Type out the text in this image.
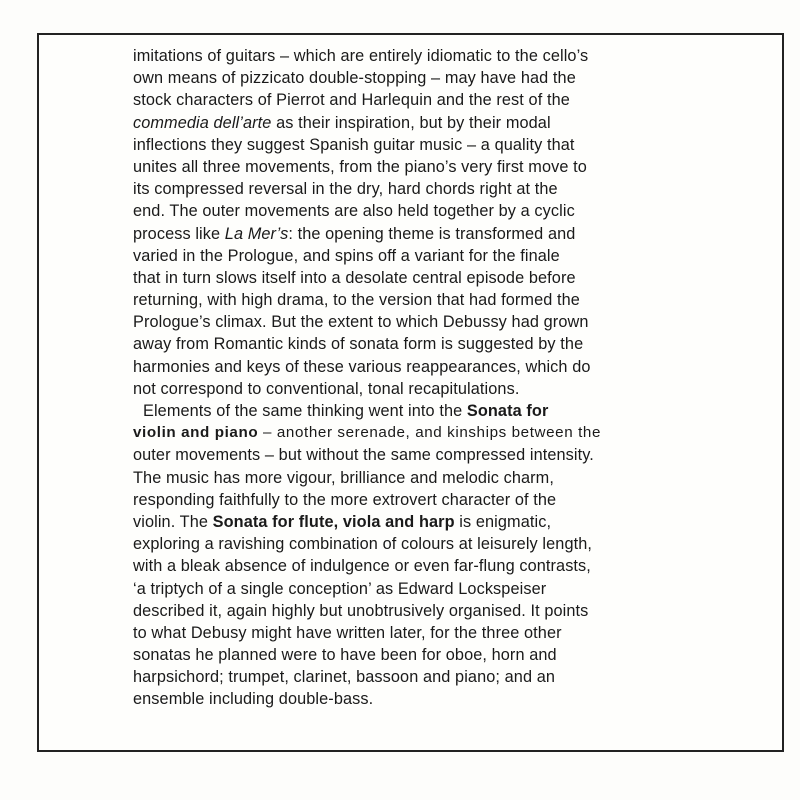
imitations of guitars – which are entirely idiomatic to the cello’s
own means of pizzicato double-stopping – may have had the
stock characters of Pierrot and Harlequin and the rest of the
commedia dell’arte as their inspiration, but by their modal
inflections they suggest Spanish guitar music – a quality that
unites all three movements, from the piano’s very first move to
its compressed reversal in the dry, hard chords right at the
end. The outer movements are also held together by a cyclic
process like La Mer’s: the opening theme is transformed and
varied in the Prologue, and spins off a variant for the finale
that in turn slows itself into a desolate central episode before
returning, with high drama, to the version that had formed the
Prologue’s climax. But the extent to which Debussy had grown
away from Romantic kinds of sonata form is suggested by the
harmonies and keys of these various reappearances, which do
not correspond to conventional, tonal recapitulations.
Elements of the same thinking went into the Sonata for
violin and piano – another serenade, and kinships between the
outer movements – but without the same compressed intensity.
The music has more vigour, brilliance and melodic charm,
responding faithfully to the more extrovert character of the
violin. The Sonata for flute, viola and harp is enigmatic,
exploring a ravishing combination of colours at leisurely length,
with a bleak absence of indulgence or even far-flung contrasts,
‘a triptych of a single conception’ as Edward Lockspeiser
described it, again highly but unobtrusively organised. It points
to what Debusy might have written later, for the three other
sonatas he planned were to have been for oboe, horn and
harpsichord; trumpet, clarinet, bassoon and piano; and an
ensemble including double-bass.
